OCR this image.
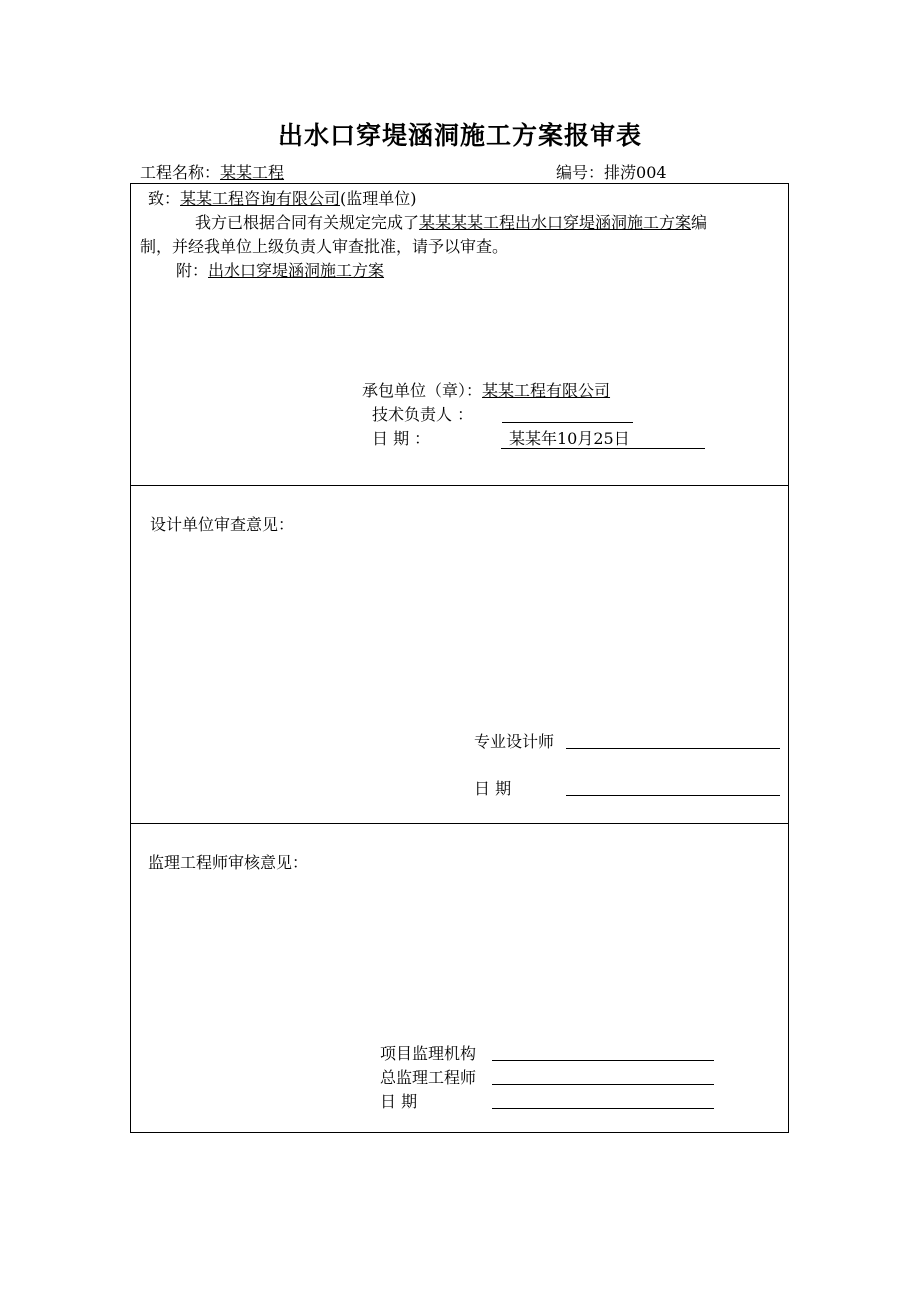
出水口穿堤涵洞施工方案报审表
工程名称：某某工程	编号：排涝004
致：某某工程咨询有限公司(监理单位)
我方已根据合同有关规定完成了某某某某工程出水口穿堤涵洞施工方案编
制，并经我单位上级负责人审查批准，请予以审查。
附：出水口穿堤涵洞施工方案
承包单位（章）：某某工程有限公司
技术负责人 ：
日 期 ：	某某年10月25日
设计单位审查意见：
专业设计师
日 期
监理工程师审核意见：
项目监理机构
总监理工程师
日 期
